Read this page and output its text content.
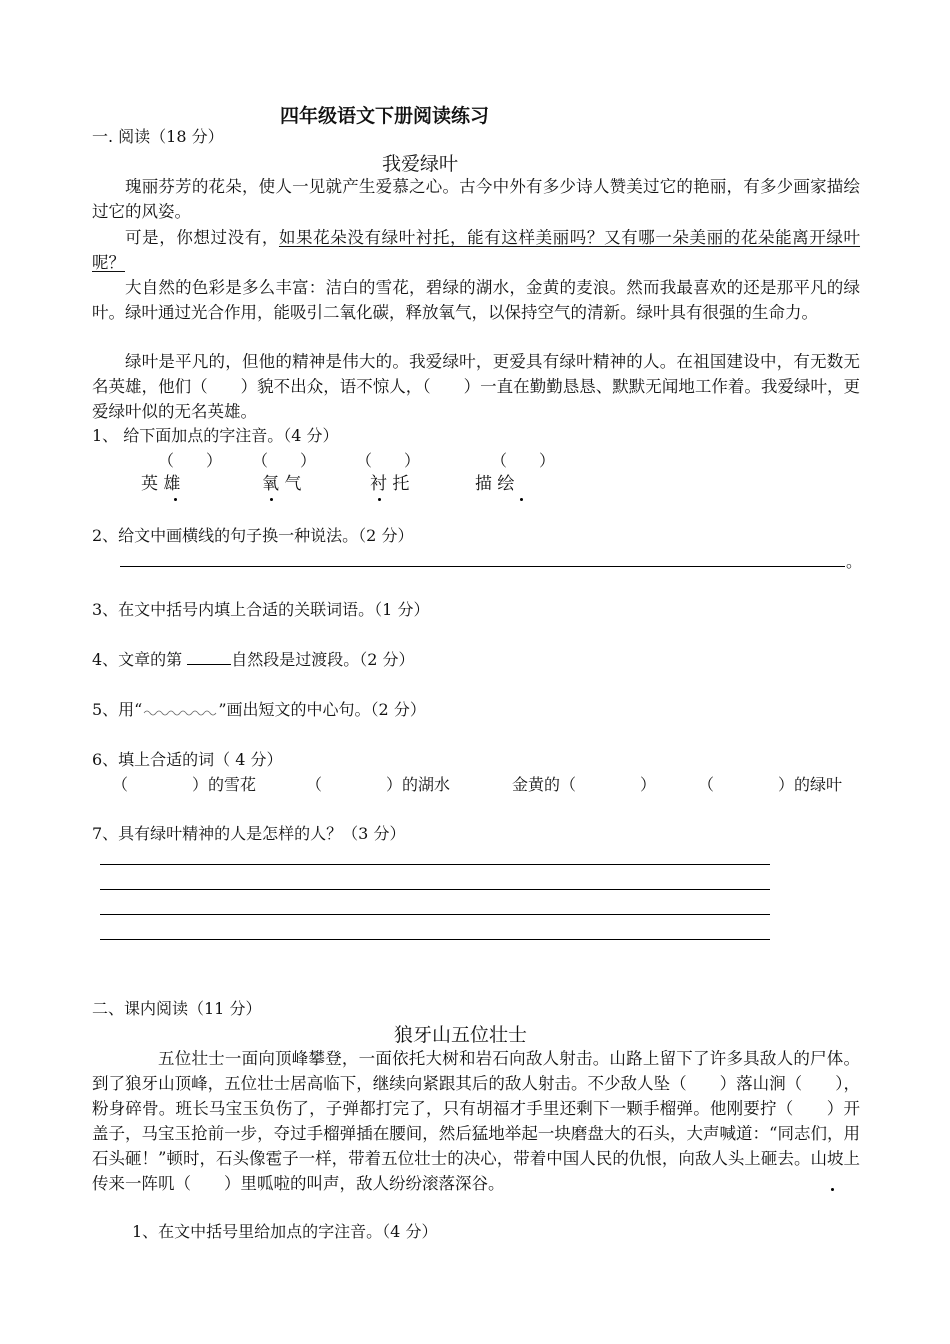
四年级语文下册阅读练习
一. 阅读（18 分）
我爱绿叶
瑰丽芬芳的花朵，使人一见就产生爱慕之心。古今中外有多少诗人赞美过它的艳丽，有多少画家描绘过它的风姿。
可是，你想过没有，如果花朵没有绿叶衬托，能有这样美丽吗？又有哪一朵美丽的花朵能离开绿叶呢？
大自然的色彩是多么丰富：洁白的雪花，碧绿的湖水，金黄的麦浪。然而我最喜欢的还是那平凡的绿叶。绿叶通过光合作用，能吸引二氧化碳，释放氧气，以保持空气的清新。绿叶具有很强的生命力。
绿叶是平凡的，但他的精神是伟大的。我爱绿叶，更爱具有绿叶精神的人。在祖国建设中，有无数无名英雄，他们（　　）貌不出众，语不惊人，（　　）一直在勤勤恳恳、默默无闻地工作着。我爱绿叶，更爱绿叶似的无名英雄。
1、 给下面加点的字注音。（4 分）
（　　） （　　） （　　）	（　　）
英 雄	氧 气	衬 托	描 绘
2、给文中画横线的句子换一种说法。（2 分）
。
3、在文中括号内填上合适的关联词语。（1 分）
4、文章的第	自然段是过渡段。（2 分）
5、用“	”画出短文的中心句。（2 分）
6、填上合适的词（ 4 分）
（　　　　）的雪花	（　　　　）的湖水	金黄的（　　　　）	（　　　　）的绿叶
7、具有绿叶精神的人是怎样的人？（3 分）
二、课内阅读（11 分）
狼牙山五位壮士
五位壮士一面向顶峰攀登，一面依托大树和岩石向敌人射击。山路上留下了许多具敌人的尸体。到了狼牙山顶峰，五位壮士居高临下，继续向紧跟其后的敌人射击。不少敌人坠（　　）落山涧（　　），粉身碎骨。班长马宝玉负伤了，子弹都打完了，只有胡福才手里还剩下一颗手榴弹。他刚要拧（　　）开盖子，马宝玉抢前一步，夺过手榴弹插在腰间，然后猛地举起一块磨盘大的石头，大声喊道：“同志们，用石头砸！”顿时，石头像雹子一样，带着五位壮士的决心，带着中国人民的仇恨，向敌人头上砸去。山坡上传来一阵叽（　　）里呱啦的叫声，敌人纷纷滚落深谷。
1、在文中括号里给加点的字注音。（4 分）
